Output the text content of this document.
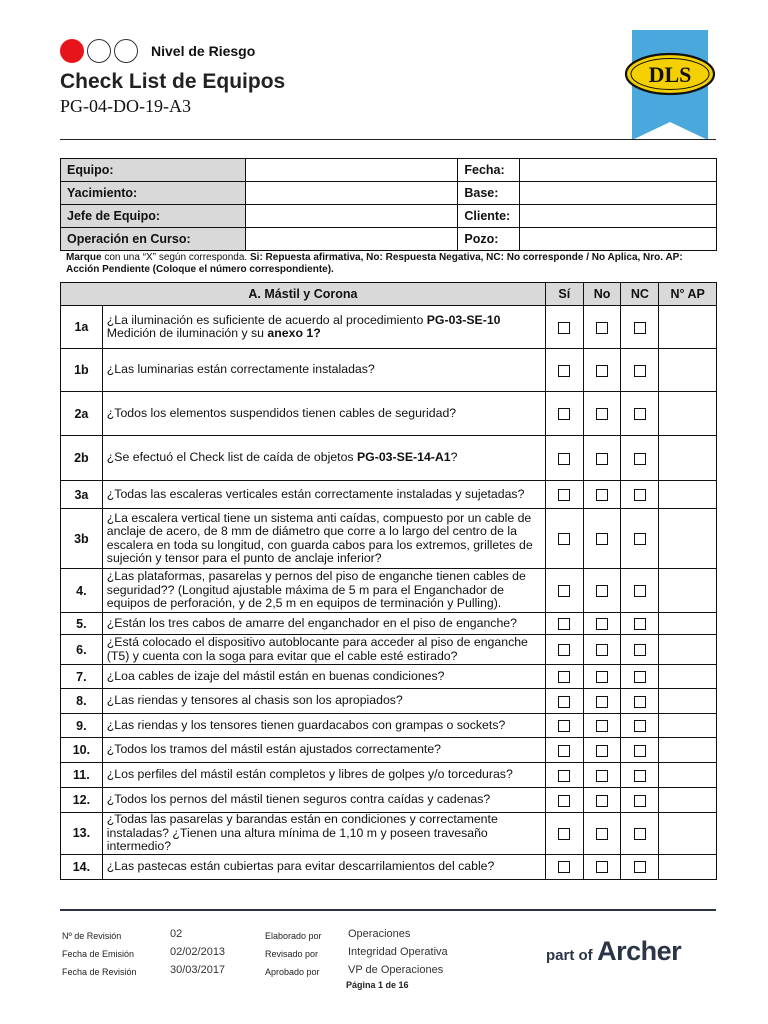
Nivel de Riesgo
Check List de Equipos
PG-04-DO-19-A3
DLS
Equipo:		Fecha:	
Yacimiento:		Base:	
Jefe de Equipo:		Cliente:	
Operación en Curso:		Pozo:	
Marque con una “X” según corresponda. Si: Repuesta afirmativa, No: Respuesta Negativa, NC: No corresponde / No Aplica, Nro. AP: Acción Pendiente (Coloque el número correspondiente).
A. Mástil y Corona		Sí	No	NC	N° AP
1a	¿La iluminación es suficiente de acuerdo al procedimiento PG-03-SE-10 Medición de iluminación y su anexo 1?				
1b	¿Las luminarias están correctamente instaladas?				
2a	¿Todos los elementos suspendidos tienen cables de seguridad?				
2b	¿Se efectuó el Check list de caída de objetos PG-03-SE-14-A1?				
3a	¿Todas las escaleras verticales están correctamente instaladas y sujetadas?				
3b	¿La escalera vertical tiene un sistema anti caídas, compuesto por un cable de anclaje de acero, de 8 mm de diámetro que corre a lo largo del centro de la escalera en toda su longitud, con guarda cabos para los extremos, grilletes de sujeción y tensor para el punto de anclaje inferior?				
4.	¿Las plataformas, pasarelas y pernos del piso de enganche tienen cables de seguridad?? (Longitud ajustable máxima de 5 m para el Enganchador de equipos de perforación, y de 2,5 m en equipos de terminación y Pulling).				
5.	¿Están los tres cabos de amarre del enganchador en el piso de enganche?				
6.	¿Está colocado el dispositivo autoblocante para acceder al piso de enganche (T5) y cuenta con la soga para evitar que el cable esté estirado?				
7.	¿Loa cables de izaje del mástil están en buenas condiciones?				
8.	¿Las riendas y tensores al chasis son los apropiados?				
9.	¿Las riendas y los tensores tienen guardacabos con grampas o sockets?				
10.	¿Todos los tramos del mástil están ajustados correctamente?				
11.	¿Los perfiles del mástil están completos y libres de golpes y/o torceduras?				
12.	¿Todos los pernos del mástil tienen seguros contra caídas y cadenas?				
13.	¿Todas las pasarelas y barandas están en condiciones y correctamente instaladas? ¿Tienen una altura mínima de 1,10 m y poseen travesaño intermedio?				
14.	¿Las pastecas están cubiertas para evitar descarrilamientos del cable?				
Nº de Revisión	02
Fecha de Emisión	02/02/2013
Fecha de Revisión	30/03/2017
Elaborado por Operaciones
Revisado por	Integridad Operativa
Aprobado por	VP de Operaciones
Página 1 de 16
part of Archer
